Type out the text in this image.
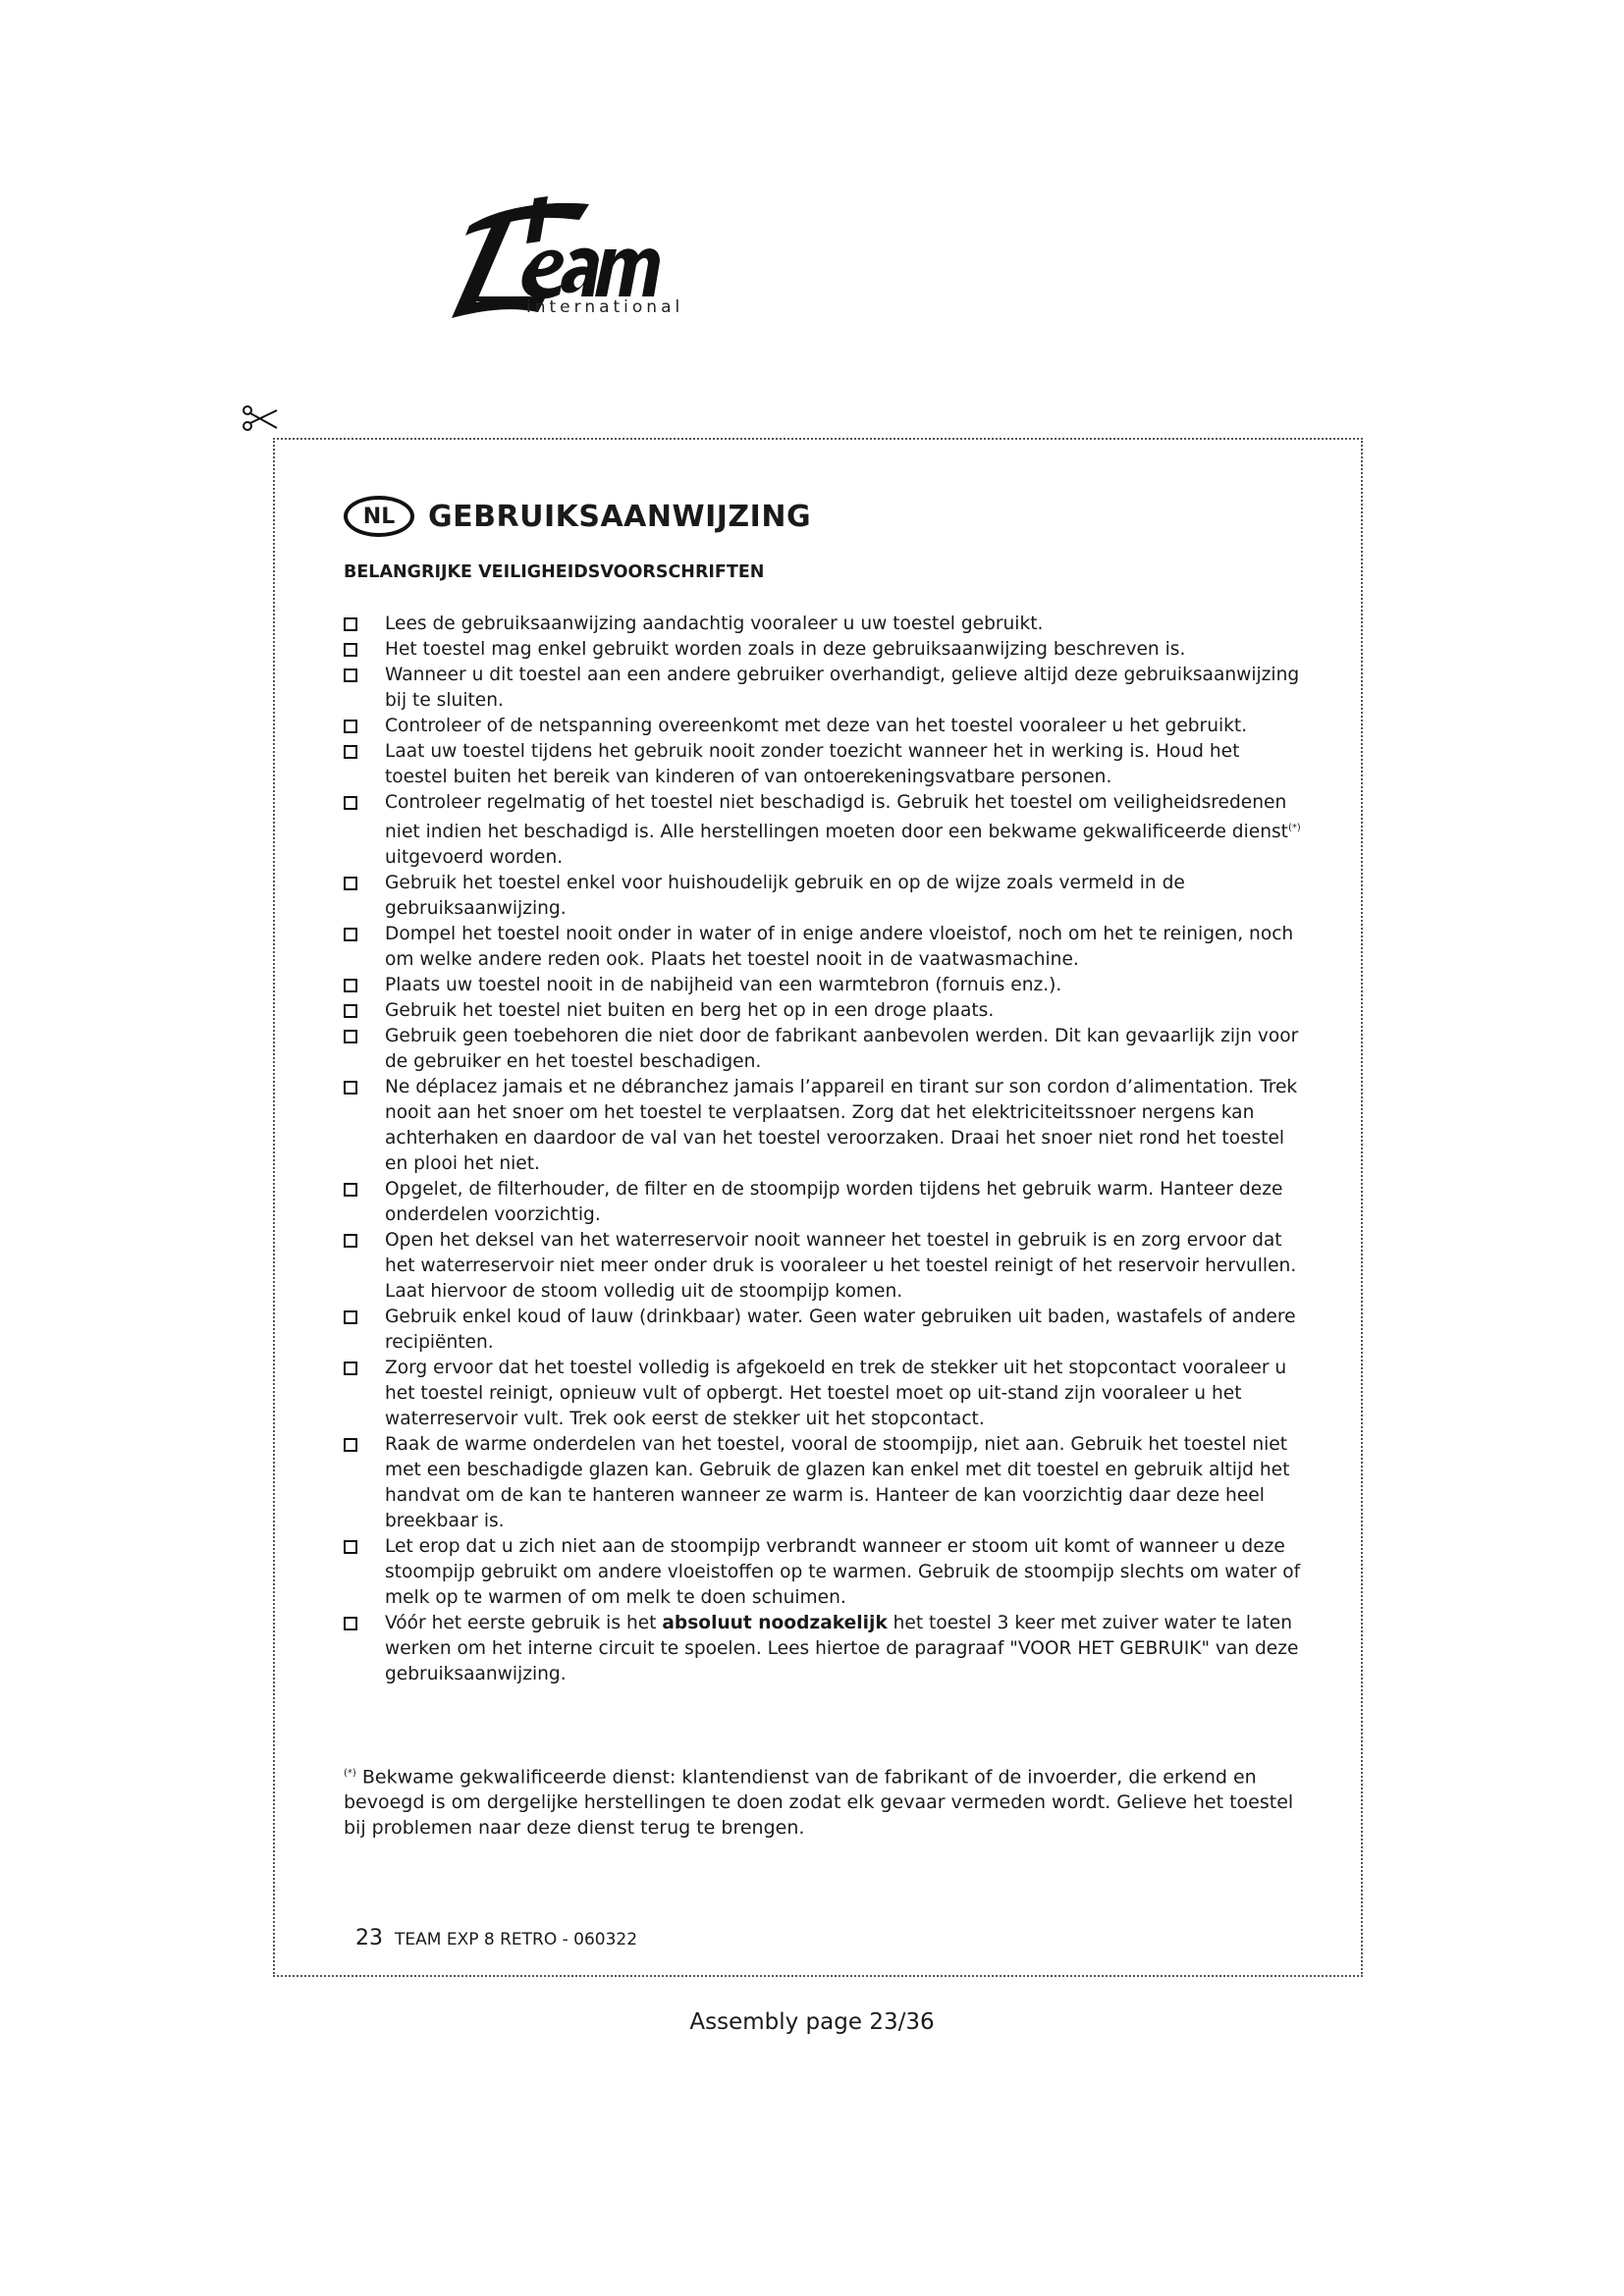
international
NL	GEBRUIKSAANWIJZING
BELANGRIJKE VEILIGHEIDSVOORSCHRIFTEN
Lees de gebruiksaanwijzing aandachtig vooraleer u uw toestel gebruikt.
Het toestel mag enkel gebruikt worden zoals in deze gebruiksaanwijzing beschreven is.
Wanneer u dit toestel aan een andere gebruiker overhandigt, gelieve altijd deze gebruiksaanwijzing bij te sluiten.
Controleer of de netspanning overeenkomt met deze van het toestel vooraleer u het gebruikt.
Laat uw toestel tijdens het gebruik nooit zonder toezicht wanneer het in werking is. Houd het toestel buiten het bereik van kinderen of van ontoerekeningsvatbare personen.
Controleer regelmatig of het toestel niet beschadigd is. Gebruik het toestel om veiligheidsredenen niet indien het beschadigd is. Alle herstellingen moeten door een bekwame gekwalificeerde dienst(*) uitgevoerd worden.
Gebruik het toestel enkel voor huishoudelijk gebruik en op de wijze zoals vermeld in de gebruiksaanwijzing.
Dompel het toestel nooit onder in water of in enige andere vloeistof, noch om het te reinigen, noch om welke andere reden ook. Plaats het toestel nooit in de vaatwasmachine.
Plaats uw toestel nooit in de nabijheid van een warmtebron (fornuis enz.).
Gebruik het toestel niet buiten en berg het op in een droge plaats.
Gebruik geen toebehoren die niet door de fabrikant aanbevolen werden. Dit kan gevaarlijk zijn voor de gebruiker en het toestel beschadigen.
Ne déplacez jamais et ne débranchez jamais l’appareil en tirant sur son cordon d’alimentation. Trek nooit aan het snoer om het toestel te verplaatsen. Zorg dat het elektriciteitssnoer nergens kan achterhaken en daardoor de val van het toestel veroorzaken. Draai het snoer niet rond het toestel en plooi het niet.
Opgelet, de filterhouder, de filter en de stoompijp worden tijdens het gebruik warm. Hanteer deze onderdelen voorzichtig.
Open het deksel van het waterreservoir nooit wanneer het toestel in gebruik is en zorg ervoor dat het waterreservoir niet meer onder druk is vooraleer u het toestel reinigt of het reservoir hervullen. Laat hiervoor de stoom volledig uit de stoompijp komen.
Gebruik enkel koud of lauw (drinkbaar) water. Geen water gebruiken uit baden, wastafels of andere recipiënten.
Zorg ervoor dat het toestel volledig is afgekoeld en trek de stekker uit het stopcontact vooraleer u het toestel reinigt, opnieuw vult of opbergt. Het toestel moet op uit-stand zijn vooraleer u het waterreservoir vult. Trek ook eerst de stekker uit het stopcontact.
Raak de warme onderdelen van het toestel, vooral de stoompijp, niet aan. Gebruik het toestel niet met een beschadigde glazen kan. Gebruik de glazen kan enkel met dit toestel en gebruik altijd het handvat om de kan te hanteren wanneer ze warm is. Hanteer de kan voorzichtig daar deze heel breekbaar is.
Let erop dat u zich niet aan de stoompijp verbrandt wanneer er stoom uit komt of wanneer u deze stoompijp gebruikt om andere vloeistoffen op te warmen. Gebruik de stoompijp slechts om water of melk op te warmen of om melk te doen schuimen.
Vóór het eerste gebruik is het absoluut noodzakelijk het toestel 3 keer met zuiver water te laten werken om het interne circuit te spoelen. Lees hiertoe de paragraaf "VOOR HET GEBRUIK" van deze gebruiksaanwijzing.
(*) Bekwame gekwalificeerde dienst: klantendienst van de fabrikant of de invoerder, die erkend en bevoegd is om dergelijke herstellingen te doen zodat elk gevaar vermeden wordt. Gelieve het toestel bij problemen naar deze dienst terug te brengen.
23 TEAM EXP 8 RETRO - 060322
Assembly page 23/36
